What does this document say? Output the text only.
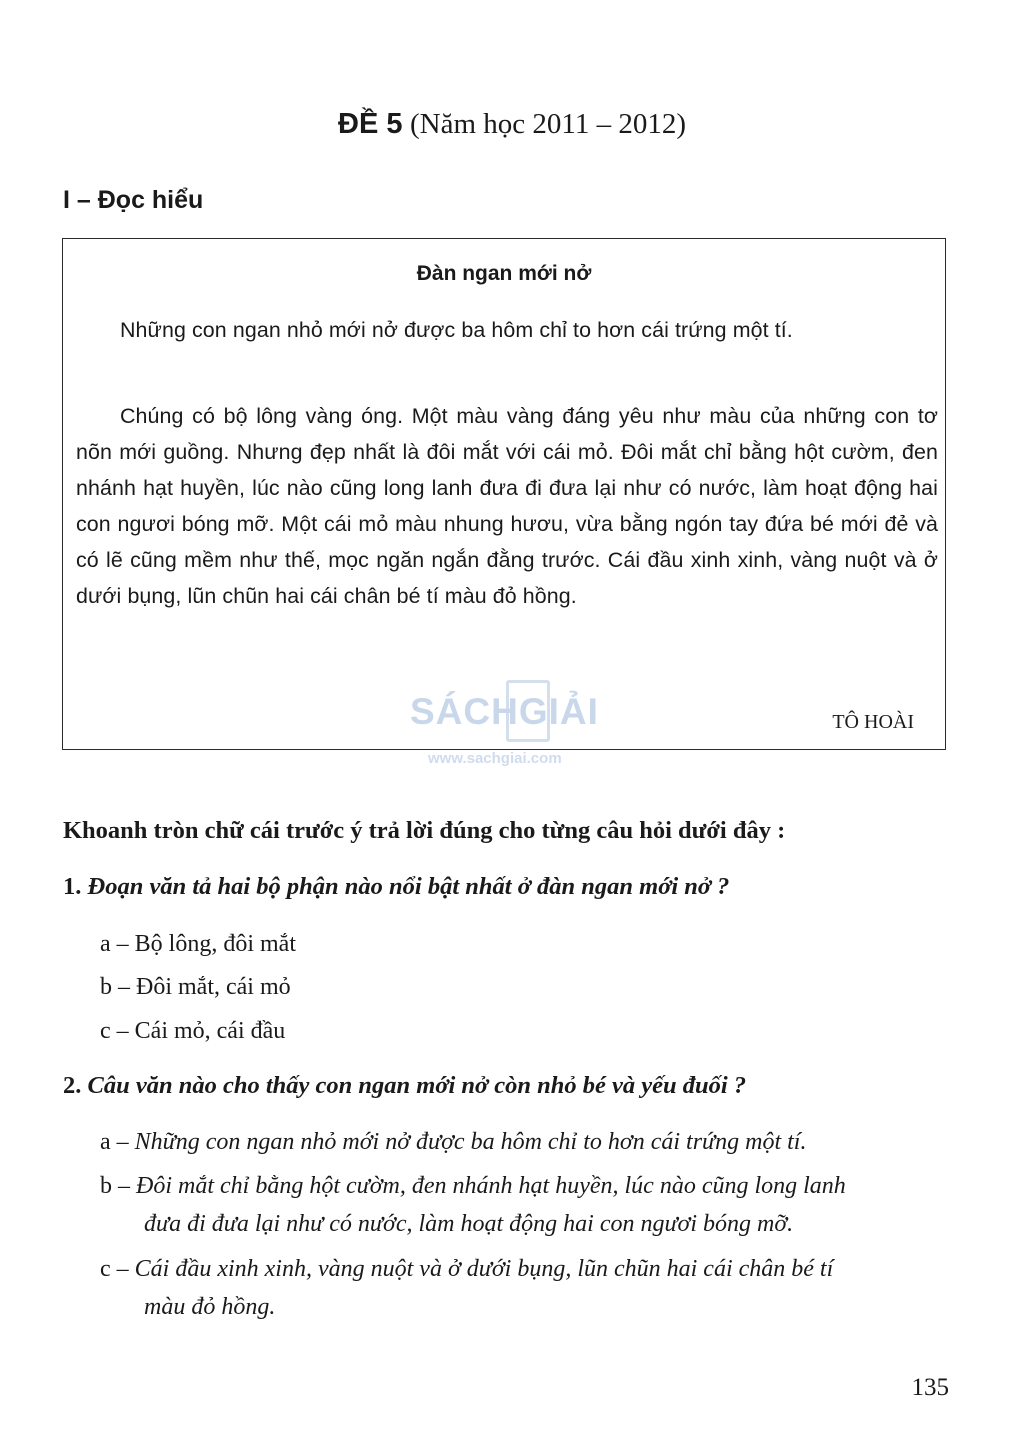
ĐỀ 5 (Năm học 2011 – 2012)
I – Đọc hiểu
Đàn ngan mới nở

Những con ngan nhỏ mới nở được ba hôm chỉ to hơn cái trứng một tí.

Chúng có bộ lông vàng óng. Một màu vàng đáng yêu như màu của những con tơ nõn mới guồng. Nhưng đẹp nhất là đôi mắt với cái mỏ. Đôi mắt chỉ bằng hột cườm, đen nhánh hạt huyền, lúc nào cũng long lanh đưa đi đưa lại như có nước, làm hoạt động hai con ngươi bóng mỡ. Một cái mỏ màu nhung hươu, vừa bằng ngón tay đứa bé mới đẻ và có lẽ cũng mềm như thế, mọc ngăn ngắn đằng trước. Cái đầu xinh xinh, vàng nuột và ở dưới bụng, lũn chũn hai cái chân bé tí màu đỏ hồng.

TÔ HOÀI
SÁCHGIẢI
www.sachgiai.com
Khoanh tròn chữ cái trước ý trả lời đúng cho từng câu hỏi dưới đây :
1. Đoạn văn tả hai bộ phận nào nổi bật nhất ở đàn ngan mới nở ?
a – Bộ lông, đôi mắt
b – Đôi mắt, cái mỏ
c – Cái mỏ, cái đầu
2. Câu văn nào cho thấy con ngan mới nở còn nhỏ bé và yếu đuối ?
a – Những con ngan nhỏ mới nở được ba hôm chỉ to hơn cái trứng một tí.
b – Đôi mắt chỉ bằng hột cườm, đen nhánh hạt huyền, lúc nào cũng long lanh
đưa đi đưa lại như có nước, làm hoạt động hai con ngươi bóng mỡ.
c – Cái đầu xinh xinh, vàng nuột và ở dưới bụng, lũn chũn hai cái chân bé tí
màu đỏ hồng.
135
